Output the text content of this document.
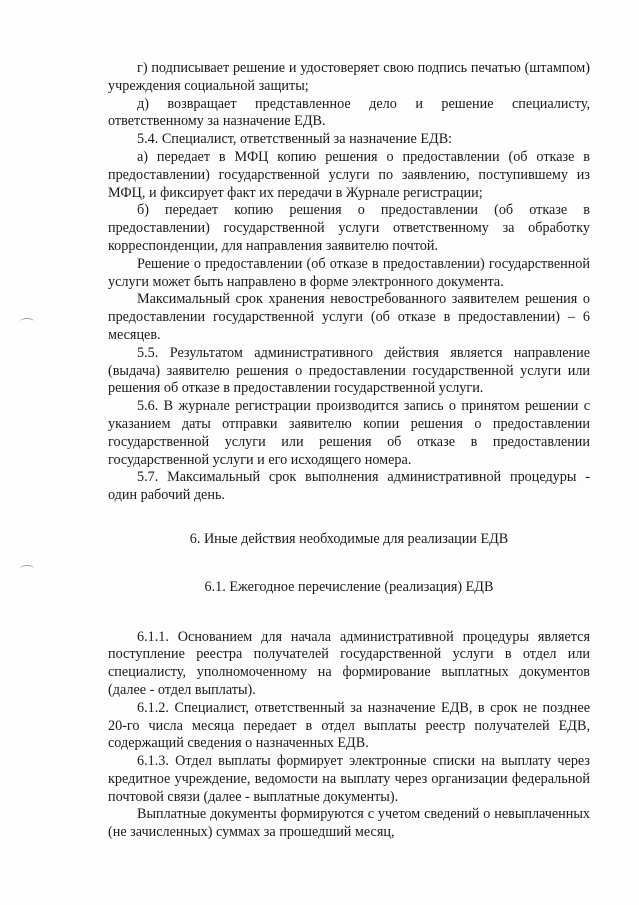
г) подписывает решение и удостоверяет свою подпись печатью (штампом) учреждения социальной защиты;

д) возвращает представленное дело и решение специалисту, ответственному за назначение ЕДВ.

5.4. Специалист, ответственный за назначение ЕДВ:

а) передает в МФЦ копию решения о предоставлении (об отказе в предоставлении) государственной услуги по заявлению, поступившему из МФЦ, и фиксирует факт их передачи в Журнале регистрации;

б) передает копию решения о предоставлении (об отказе в предоставлении) государственной услуги ответственному за обработку корреспонденции, для направления заявителю почтой.

Решение о предоставлении (об отказе в предоставлении) государственной услуги может быть направлено в форме электронного документа.

Максимальный срок хранения невостребованного заявителем решения о предоставлении государственной услуги (об отказе в предоставлении) – 6 месяцев.

5.5. Результатом административного действия является направление (выдача) заявителю решения о предоставлении государственной услуги или решения об отказе в предоставлении государственной услуги.

5.6. В журнале регистрации производится запись о принятом решении с указанием даты отправки заявителю копии решения о предоставлении государственной услуги или решения об отказе в предоставлении государственной услуги и его исходящего номера.

5.7. Максимальный срок выполнения административной процедуры - один рабочий день.

6. Иные действия необходимые для реализации ЕДВ
6.1. Ежегодное перечисление (реализация) ЕДВ

6.1.1. Основанием для начала административной процедуры является поступление реестра получателей государственной услуги в отдел или специалисту, уполномоченному на формирование выплатных документов (далее - отдел выплаты).

6.1.2. Специалист, ответственный за назначение ЕДВ, в срок не позднее 20-го числа месяца передает в отдел выплаты реестр получателей ЕДВ, содержащий сведения о назначенных ЕДВ.

6.1.3. Отдел выплаты формирует электронные списки на выплату через кредитное учреждение, ведомости на выплату через организации федеральной почтовой связи (далее - выплатные документы).

Выплатные документы формируются с учетом сведений о невыплаченных (не зачисленных) суммах за прошедший месяц,
